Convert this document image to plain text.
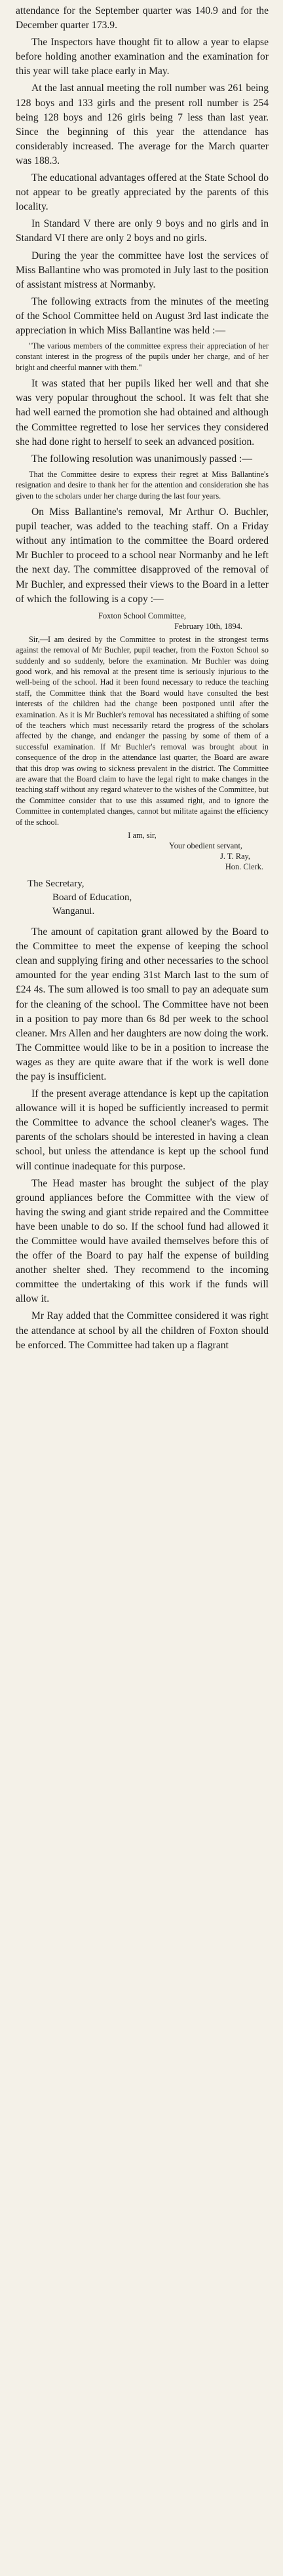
attendance for the September quarter was 140.9 and for the December quarter 173.9.

The Inspectors have thought fit to allow a year to elapse before holding another examination and the examination for this year will take place early in May.

At the last annual meeting the roll number was 261 being 128 boys and 133 girls and the present roll number is 254 being 128 boys and 126 girls being 7 less than last year. Since the beginning of this year the attendance has considerably increased. The average for the March quarter was 188.3.

The educational advantages offered at the State School do not appear to be greatly appreciated by the parents of this locality.

In Standard V there are only 9 boys and no girls and in Standard VI there are only 2 boys and no girls.

During the year the committee have lost the services of Miss Ballantine who was promoted in July last to the position of assistant mistress at Normanby.

The following extracts from the minutes of the meeting of the School Committee held on August 3rd last indicate the appreciation in which Miss Ballantine was held :—

"The various members of the committee express their appreciation of her constant interest in the progress of the pupils under her charge, and of her bright and cheerful manner with them."

It was stated that her pupils liked her well and that she was very popular throughout the school. It was felt that she had well earned the promotion she had obtained and although the Committee regretted to lose her services they considered she had done right to herself to seek an advanced position.

The following resolution was unanimously passed :—

That the Committee desire to express their regret at Miss Ballantine's resignation and desire to thank her for the attention and consideration she has given to the scholars under her charge during the last four years.

On Miss Ballantine's removal, Mr Arthur O. Buchler, pupil teacher, was added to the teaching staff. On a Friday without any intimation to the committee the Board ordered Mr Buchler to proceed to a school near Normanby and he left the next day. The committee disapproved of the removal of Mr Buchler, and expressed their views to the Board in a letter of which the following is a copy :—

Foxton School Committee,

February 10th, 1894.

Sir,—I am desired by the Committee to protest in the strongest terms against the removal of Mr Buchler, pupil teacher, from the Foxton School so suddenly and so suddenly, before the examination. Mr Buchler was doing good work, and his removal at the present time is seriously injurious to the well-being of the school. Had it been found necessary to reduce the teaching staff, the Committee think that the Board would have consulted the best interests of the children had the change been postponed until after the examination. As it is Mr Buchler's removal has necessitated a shifting of some of the teachers which must necessarily retard the progress of the scholars affected by the change, and endanger the passing by some of them of a successful examination. If Mr Buchler's removal was brought about in consequence of the drop in the attendance last quarter, the Board are aware that this drop was owing to sickness prevalent in the district. The Committee are aware that the Board claim to have the legal right to make changes in the teaching staff without any regard whatever to the wishes of the Committee, but the Committee consider that to use this assumed right, and to ignore the Committee in contemplated changes, cannot but militate against the efficiency of the school.

I am, sir,

Your obedient servant,

J. T. Ray,

Hon. Clerk.

The Secretary,

Board of Education,

Wanganui.

The amount of capitation grant allowed by the Board to the Committee to meet the expense of keeping the school clean and supplying firing and other necessaries to the school amounted for the year ending 31st March last to the sum of £24 4s. The sum allowed is too small to pay an adequate sum for the cleaning of the school. The Committee have not been in a position to pay more than 6s 8d per week to the school cleaner. Mrs Allen and her daughters are now doing the work. The Committee would like to be in a position to increase the wages as they are quite aware that if the work is well done the pay is insufficient.

If the present average attendance is kept up the capitation allowance will it is hoped be sufficiently increased to permit the Committee to advance the school cleaner's wages. The parents of the scholars should be interested in having a clean school, but unless the attendance is kept up the school fund will continue inadequate for this purpose.

The Head master has brought the subject of the play ground appliances before the Committee with the view of having the swing and giant stride repaired and the Committee have been unable to do so. If the school fund had allowed it the Committee would have availed themselves before this of the offer of the Board to pay half the expense of building another shelter shed. They recommend to the incoming committee the undertaking of this work if the funds will allow it.

Mr Ray added that the Committee considered it was right the attendance at school by all the children of Foxton should be enforced. The Committee had taken up a flagrant
